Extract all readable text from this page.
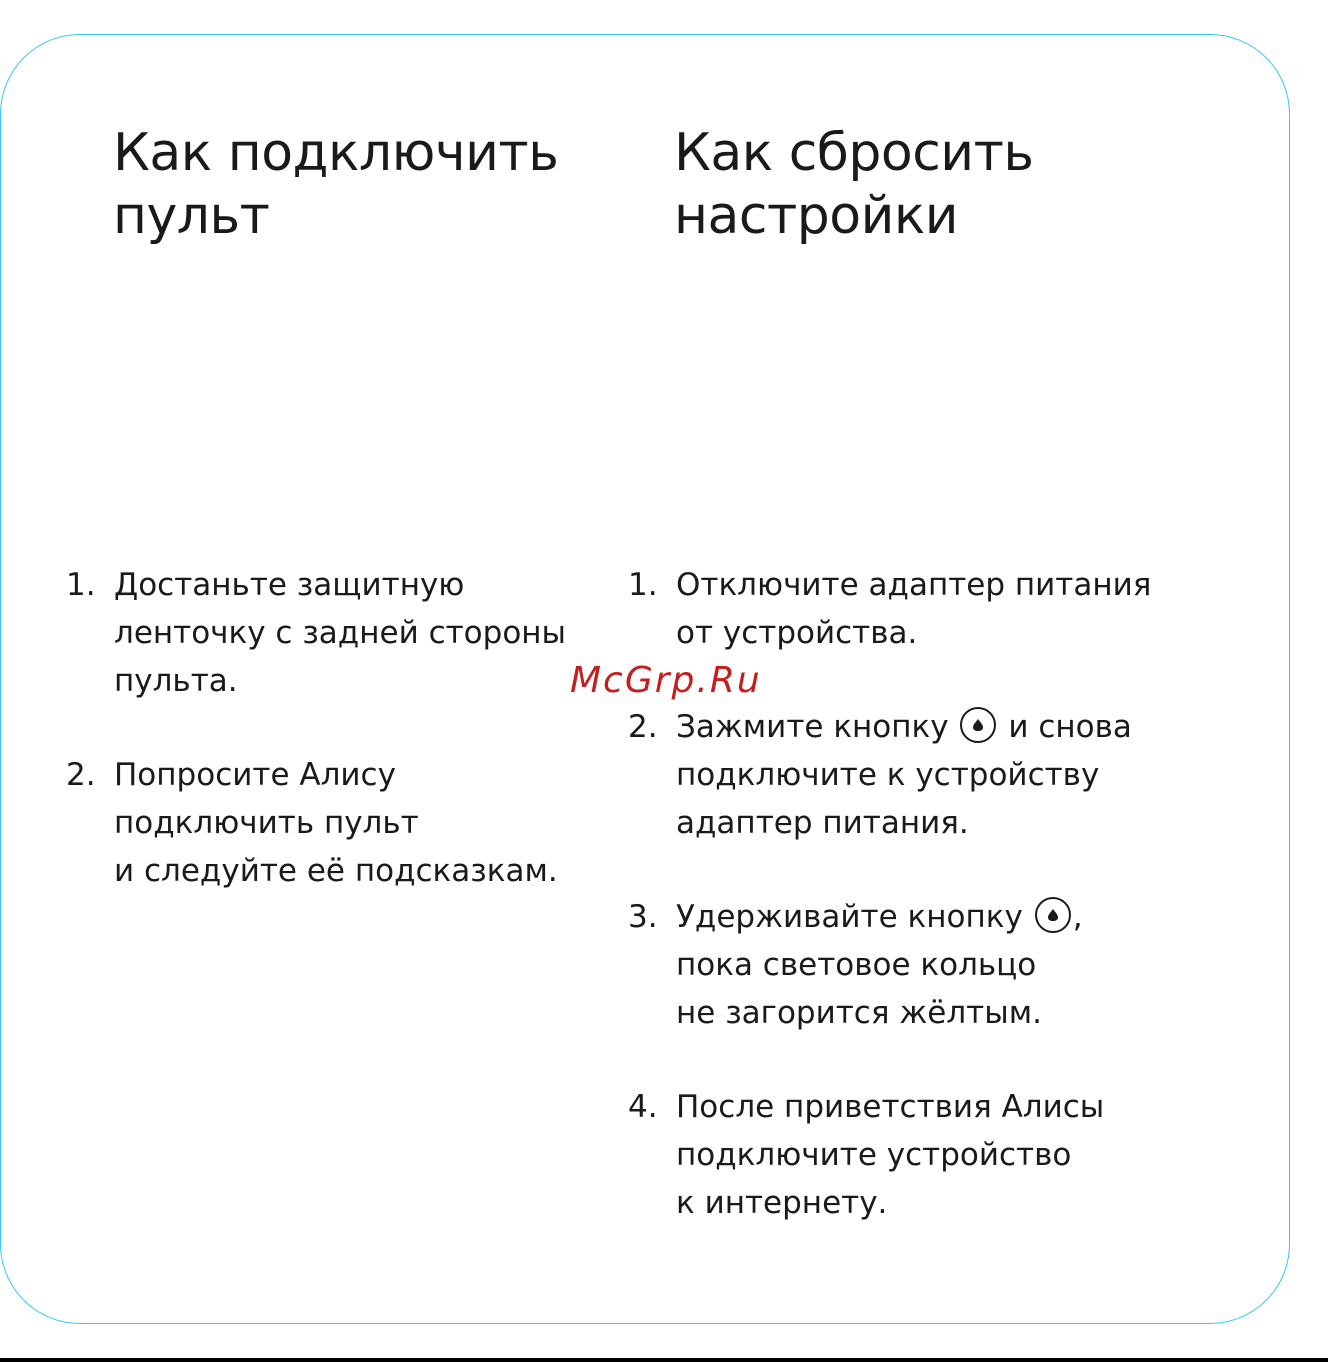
Как подключить
пульт
Как сбросить
настройки
1. Достаньте защитную
ленточку с задней стороны
пульта.
2. Попросите Алису
подключить пульт
и следуйте её подсказкам.
1. Отключите адаптер питания
от устройства.
2. Зажмите кнопку и снова
подключите к устройству
адаптер питания.
3. Удерживайте кнопку ,
пока световое кольцо
не загорится жёлтым.
4. После приветствия Алисы
подключите устройство
к интернету.
McGrp.Ru
